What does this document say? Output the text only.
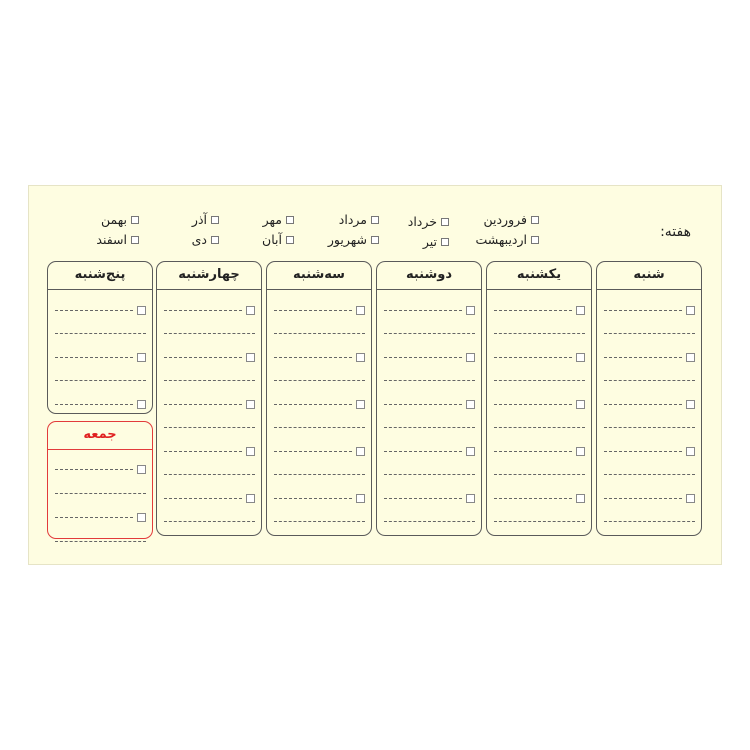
هفته:
فروردین
اردیبهشت
خرداد
تیر
مرداد
شهریور
مهر
آبان
آذر
دی
بهمن
اسفند
شنبه
یکشنبه
دوشنبه
سه‌شنبه
چهارشنبه
پنج‌شنبه
جمعه
